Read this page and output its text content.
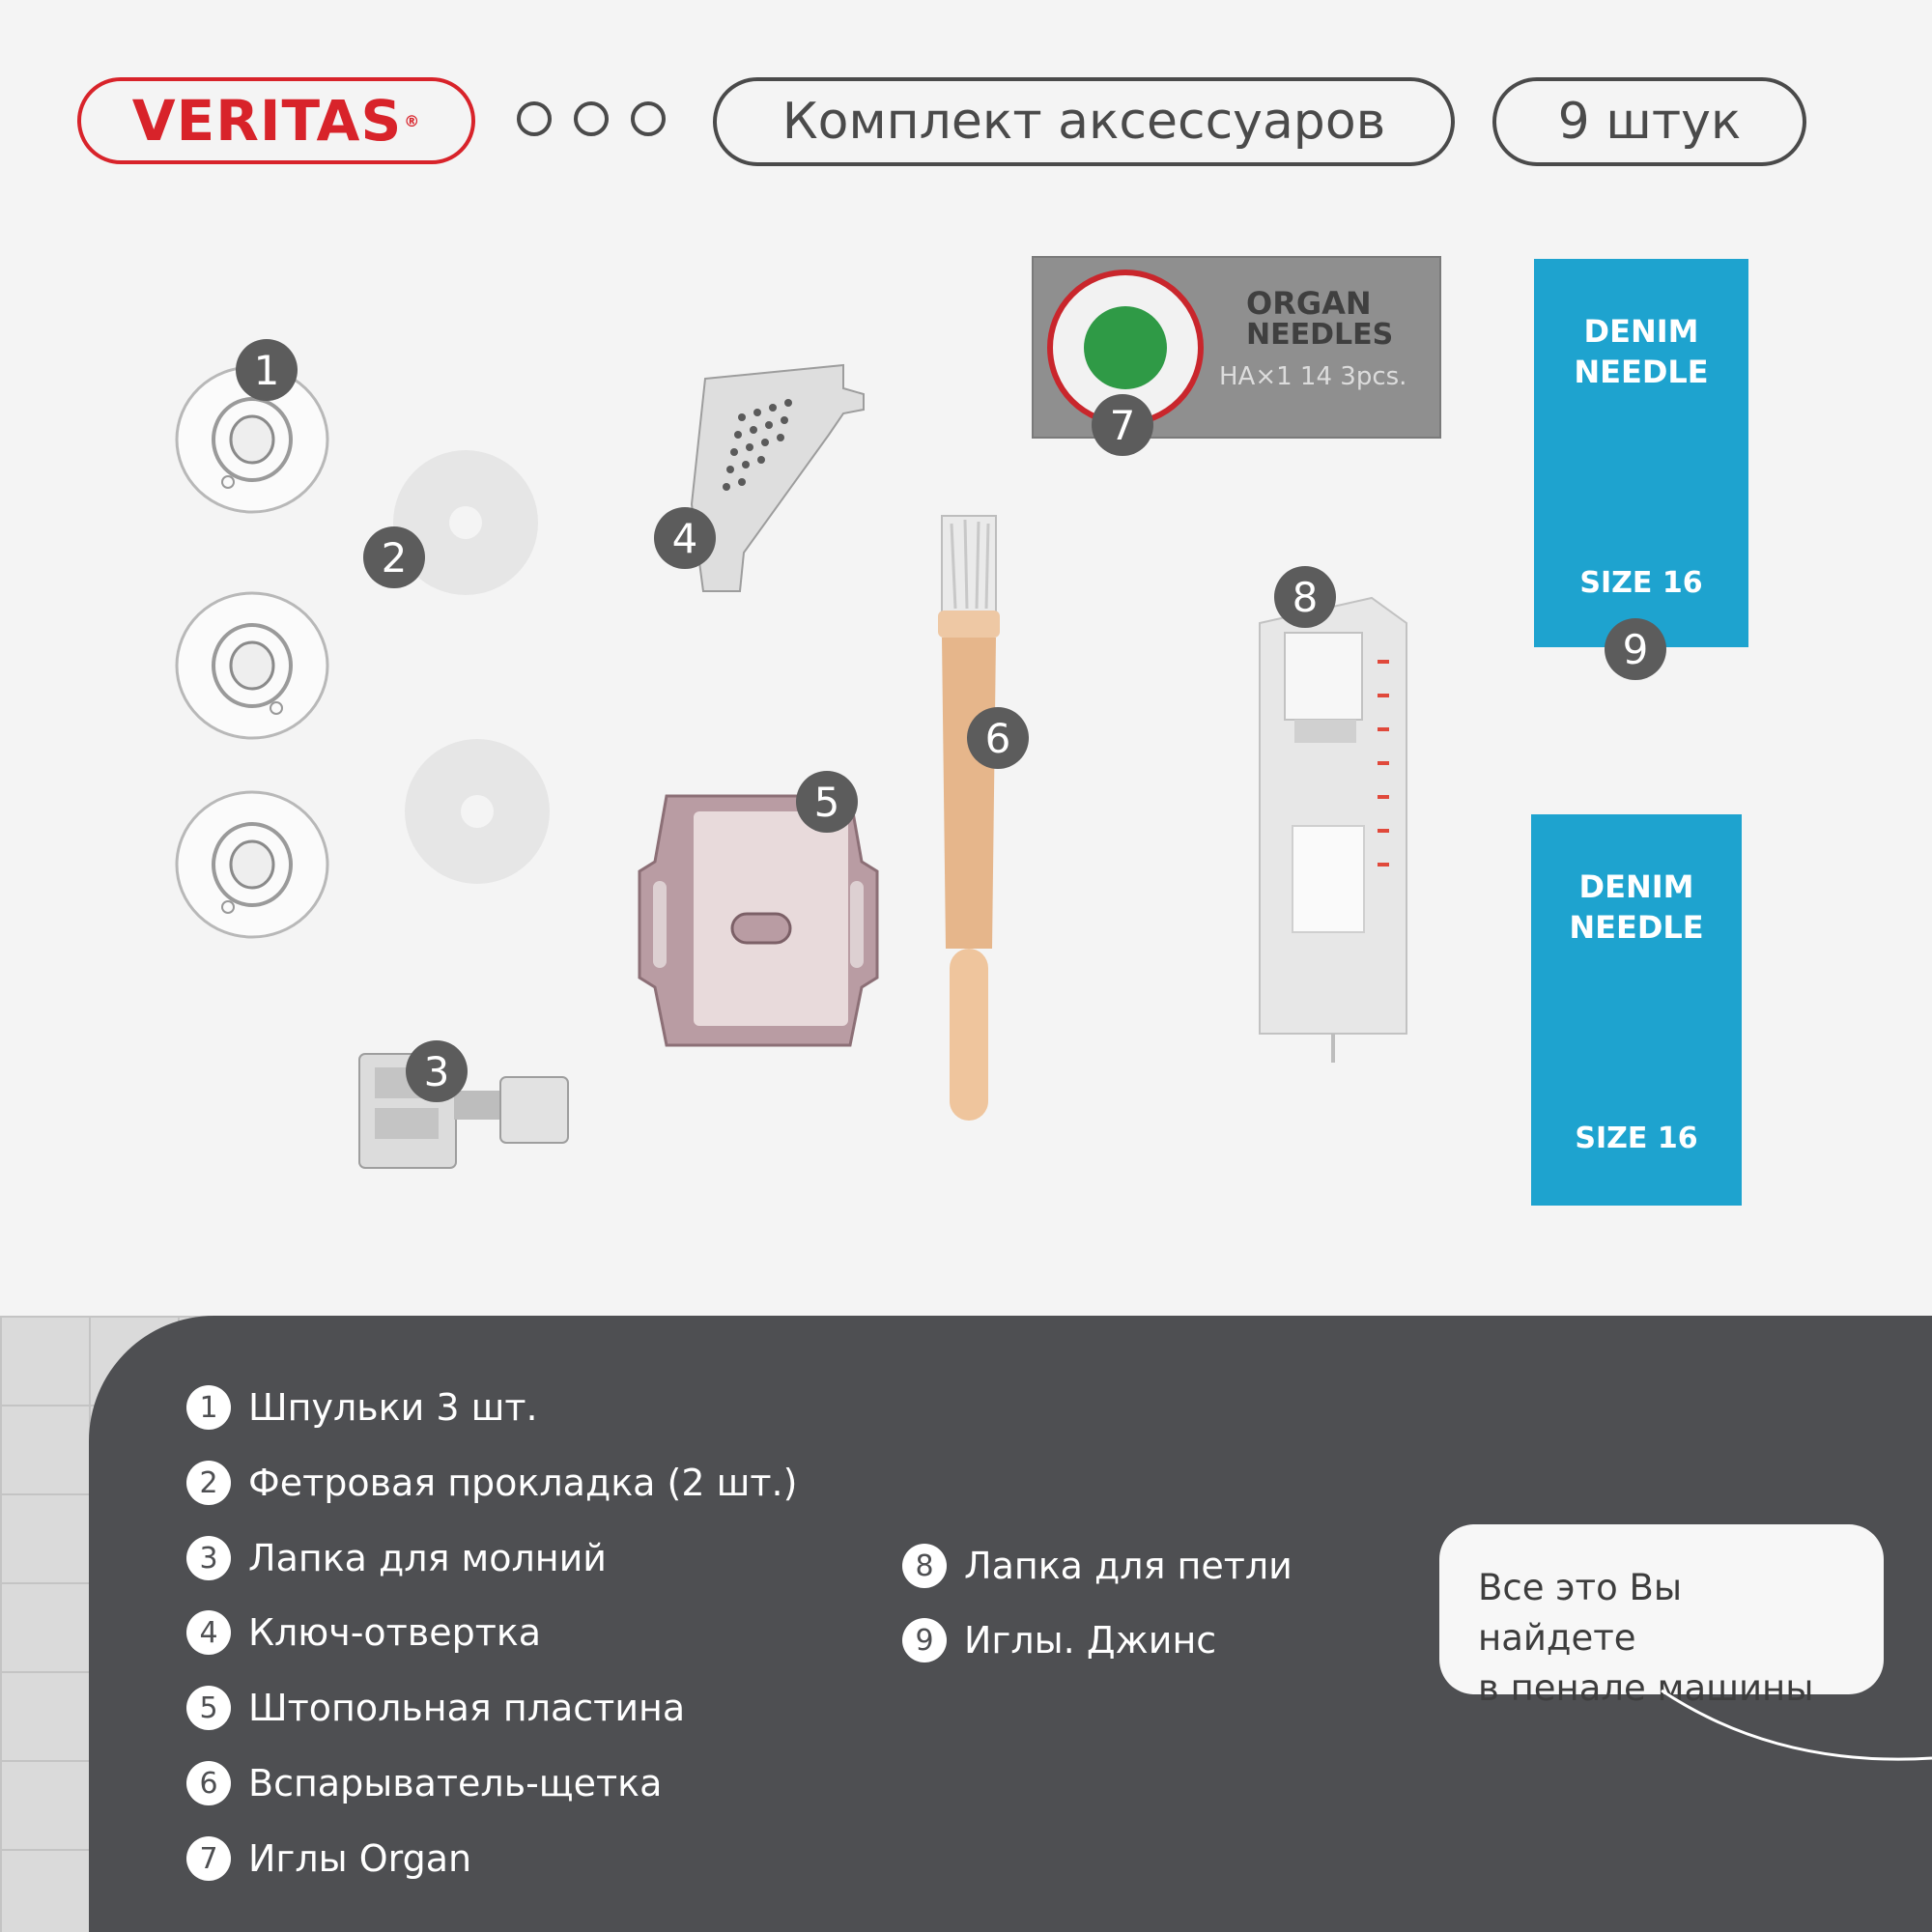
VERITAS ®	Комплект аксессуаров	9 штук
ORGAN
NEEDLES
HA×1 14 3pcs.
DENIM
NEEDLE
SIZE 16
DENIM
NEEDLE
SIZE 16
1
2
3
4
5
6
7
8
9
1 Шпульки 3 шт.
2 Фетровая прокладка (2 шт.)
3 Лапка для молний
4 Ключ-отвертка
5 Штопольная пластина
6 Вспарыватель-щетка
7 Иглы Organ
8 Лапка для петли
9 Иглы. Джинс
Все это Вы найдете
в пенале машины
